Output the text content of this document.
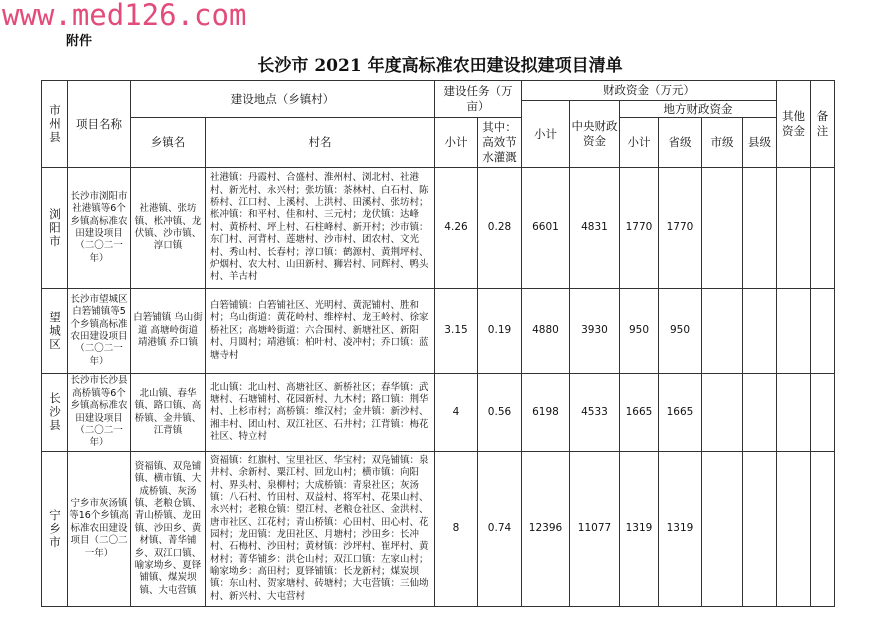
www.med126.com
附件
长沙市 2021 年度高标准农田建设拟建项目清单
市州县	项目名称	建设地点（乡镇村）		建设任务（万亩）		财政资金（万元）						其他资金	备注
						小计	中央财政资金	地方财政资金					
		乡镇名	村名	小计	其中：高效节水灌溉			小计	省级	市级	县级		

浏阳市	长沙市浏阳市社港镇等6个乡镇高标准农田建设项目（二〇二一年）	社港镇、张坊镇、枨冲镇、龙伏镇、沙市镇、淳口镇	社港镇：丹霞村、合盛村、淮州村、浏北村、社港村、新光村、永兴村；张坊镇：茶林村、白石村、陈桥村、江口村、上溪村、上洪村、田溪村、张坊村；枨冲镇：和平村、佳和村、三元村；龙伏镇：达峰村、黄桥村、坪上村、石柱峰村、新开村；沙市镇：东门村、河背村、莲塘村、沙市村、团农村、文光村、秀山村、长春村；淳口镇：鹤源村、黄荆坪村、炉烟村、农大村、山田新村、狮岩村、同辉村、鸭头村、羊古村	4.26	0.28	6601	4831	1770	1770				

望城区	长沙市望城区白箬铺镇等5个乡镇高标准农田建设项目（二〇二一年）	白箬铺镇 乌山街道 高塘岭街道 靖港镇 乔口镇	白箬铺镇：白箬铺社区、光明村、黄泥铺村、胜和村；乌山街道：黄花岭村、维梓村、龙王岭村、徐家桥社区；高塘岭街道：六合围村、新塘社区、新阳村、月圆村；靖港镇：柏叶村、凌冲村；乔口镇：蓝塘寺村	3.15	0.19	4880	3930	950	950				

长沙县	长沙市长沙县高桥镇等6个乡镇高标准农田建设项目（二〇二一年）	北山镇、春华镇、路口镇、高桥镇、金井镇、江背镇	北山镇：北山村、高塘社区、新桥社区；春华镇：武塘村、石塘铺村、花园新村、九木村；路口镇：荆华村、上杉市村；高桥镇：维汉村；金井镇：新沙村、湘丰村、团山村、双江社区、石井村；江背镇：梅花社区、特立村	4	0.56	6198	4533	1665	1665				

宁乡市	宁乡市灰汤镇等16个乡镇高标准农田建设项目（二〇二一年）	资福镇、双凫铺镇、横市镇、大成桥镇、灰汤镇、老粮仓镇、青山桥镇、龙田镇、沙田乡、黄材镇、菁华铺乡、双江口镇、喻家坳乡、夏铎铺镇、煤炭坝镇、大屯营镇	资福镇：红旗村、宝里社区、华宝村；双凫铺镇：泉井村、余新村、粟江村、回龙山村；横市镇：向阳村、界头村、泉柳村；大成桥镇：青泉社区；灰汤镇：八石村、竹田村、双益村、将军村、花果山村、永兴村；老粮仓镇：望江村、老粮仓社区、金洪村、唐市社区、江花村；青山桥镇：心田村、田心村、花园村；龙田镇：龙田社区、月塘村；沙田乡：长冲村、石梅村、沙田村；黄材镇：沙坪村、崔坪村、黄材村；菁华铺乡：洪仑山村；双江口镇：左家山村；喻家坳乡：高田村；夏铎铺镇：长龙新村；煤炭坝镇：东山村、贺家塘村、砖塘村；大屯营镇：三仙坳村、新兴村、大屯营村	8	0.74	12396	11077	1319	1319				
